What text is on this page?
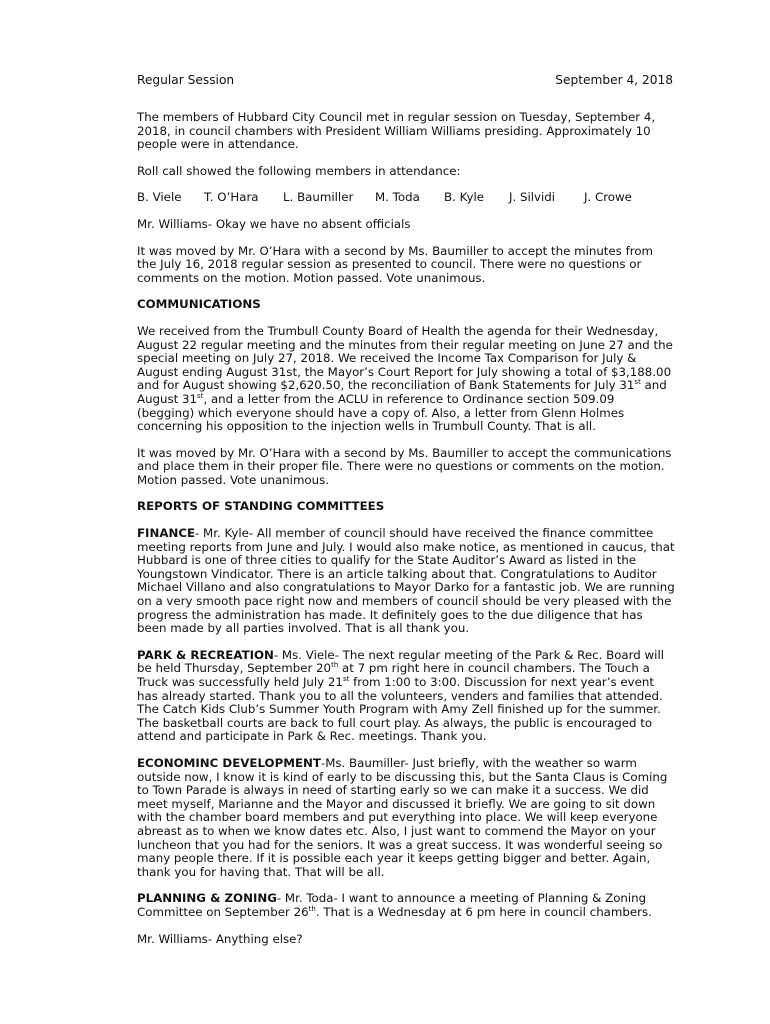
Regular Session	September 4, 2018

The members of Hubbard City Council met in regular session on Tuesday, September 4, 2018, in council chambers with President William Williams presiding. Approximately 10 people were in attendance.

Roll call showed the following members in attendance:

B. Viele	T. O’Hara	L. Baumiller	M. Toda	B. Kyle	J. Silvidi	J. Crowe

Mr. Williams- Okay we have no absent officials

It was moved by Mr. O’Hara with a second by Ms. Baumiller to accept the minutes from the July 16, 2018 regular session as presented to council. There were no questions or comments on the motion. Motion passed. Vote unanimous.

COMMUNICATIONS

We received from the Trumbull County Board of Health the agenda for their Wednesday, August 22 regular meeting and the minutes from their regular meeting on June 27 and the special meeting on July 27, 2018. We received the Income Tax Comparison for July & August ending August 31st, the Mayor’s Court Report for July showing a total of $3,188.00 and for August showing $2,620.50, the reconciliation of Bank Statements for July 31st and August 31st, and a letter from the ACLU in reference to Ordinance section 509.09 (begging) which everyone should have a copy of. Also, a letter from Glenn Holmes concerning his opposition to the injection wells in Trumbull County. That is all.

It was moved by Mr. O’Hara with a second by Ms. Baumiller to accept the communications and place them in their proper file. There were no questions or comments on the motion. Motion passed. Vote unanimous.

REPORTS OF STANDING COMMITTEES

FINANCE- Mr. Kyle- All member of council should have received the finance committee meeting reports from June and July. I would also make notice, as mentioned in caucus, that Hubbard is one of three cities to qualify for the State Auditor’s Award as listed in the Youngstown Vindicator. There is an article talking about that. Congratulations to Auditor Michael Villano and also congratulations to Mayor Darko for a fantastic job. We are running on a very smooth pace right now and members of council should be very pleased with the progress the administration has made. It definitely goes to the due diligence that has been made by all parties involved. That is all thank you.

PARK & RECREATION- Ms. Viele- The next regular meeting of the Park & Rec. Board will be held Thursday, September 20th at 7 pm right here in council chambers. The Touch a Truck was successfully held July 21st from 1:00 to 3:00. Discussion for next year’s event has already started. Thank you to all the volunteers, venders and families that attended. The Catch Kids Club’s Summer Youth Program with Amy Zell finished up for the summer. The basketball courts are back to full court play. As always, the public is encouraged to attend and participate in Park & Rec. meetings. Thank you.

ECONOMINC DEVELOPMENT-Ms. Baumiller- Just briefly, with the weather so warm outside now, I know it is kind of early to be discussing this, but the Santa Claus is Coming to Town Parade is always in need of starting early so we can make it a success. We did meet myself, Marianne and the Mayor and discussed it briefly. We are going to sit down with the chamber board members and put everything into place. We will keep everyone abreast as to when we know dates etc. Also, I just want to commend the Mayor on your luncheon that you had for the seniors. It was a great success. It was wonderful seeing so many people there. If it is possible each year it keeps getting bigger and better. Again, thank you for having that. That will be all.

PLANNING & ZONING- Mr. Toda- I want to announce a meeting of Planning & Zoning Committee on September 26th. That is a Wednesday at 6 pm here in council chambers.

Mr. Williams- Anything else?
